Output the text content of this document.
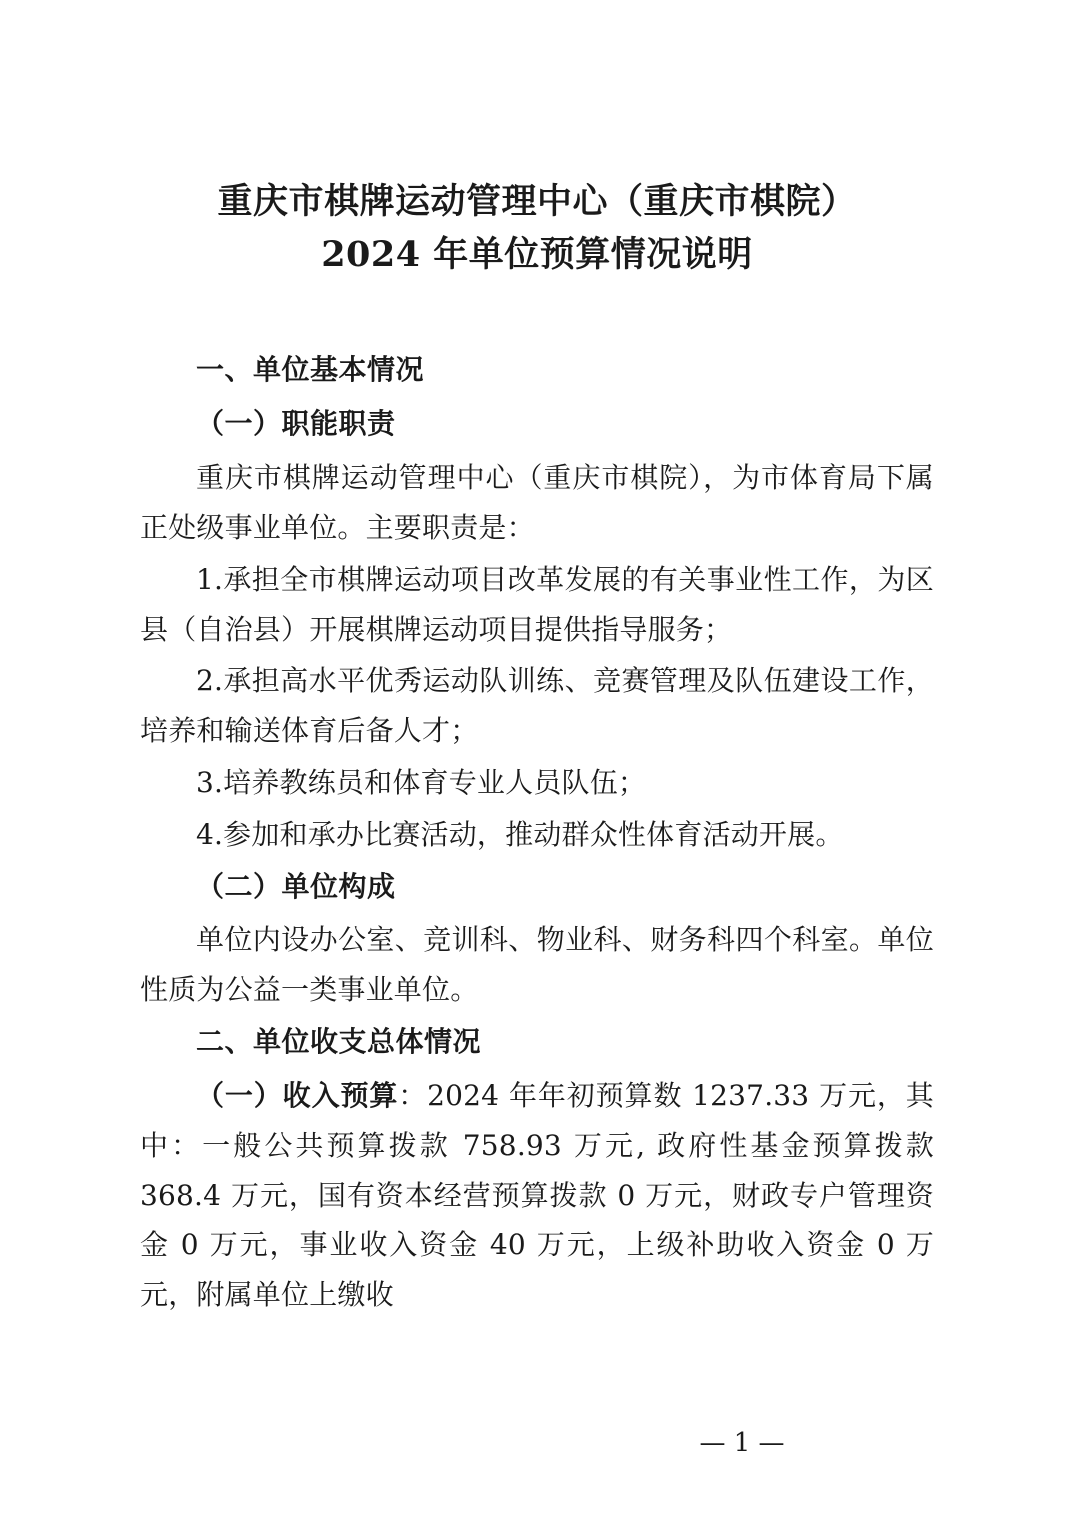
重庆市棋牌运动管理中心（重庆市棋院）
2024 年单位预算情况说明
一、单位基本情况
（一）职能职责

重庆市棋牌运动管理中心（重庆市棋院），为市体育局下属正处级事业单位。主要职责是：

1.承担全市棋牌运动项目改革发展的有关事业性工作，为区县（自治县）开展棋牌运动项目提供指导服务；

2.承担高水平优秀运动队训练、竞赛管理及队伍建设工作，培养和输送体育后备人才；

3.培养教练员和体育专业人员队伍；

4.参加和承办比赛活动，推动群众性体育活动开展。

（二）单位构成

单位内设办公室、竞训科、物业科、财务科四个科室。单位性质为公益一类事业单位。

二、单位收支总体情况

（一）收入预算：2024 年年初预算数 1237.33 万元，其中：一般公共预算拨款 758.93 万元, 政府性基金预算拨款 368.4 万元，国有资本经营预算拨款 0 万元，财政专户管理资金 0 万元，事业收入资金 40 万元，上级补助收入资金 0 万元，附属单位上缴收

— 1 —
